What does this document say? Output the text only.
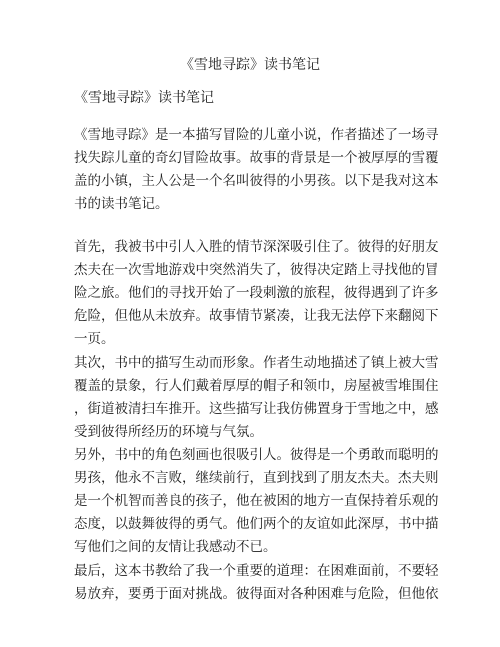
《雪地寻踪》读书笔记
《雪地寻踪》读书笔记

《雪地寻踪》是一本描写冒险的儿童小说，作者描述了一场寻
找失踪儿童的奇幻冒险故事。故事的背景是一个被厚厚的雪覆
盖的小镇，主人公是一个名叫彼得的小男孩。以下是我对这本
书的读书笔记。

首先，我被书中引人入胜的情节深深吸引住了。彼得的好朋友
杰夫在一次雪地游戏中突然消失了，彼得决定踏上寻找他的冒
险之旅。他们的寻找开始了一段刺激的旅程，彼得遇到了许多
危险，但他从未放弃。故事情节紧凑，让我无法停下来翻阅下
一页。

其次，书中的描写生动而形象。作者生动地描述了镇上被大雪
覆盖的景象，行人们戴着厚厚的帽子和领巾，房屋被雪堆围住
，街道被清扫车推开。这些描写让我仿佛置身于雪地之中，感
受到彼得所经历的环境与气氛。

另外，书中的角色刻画也很吸引人。彼得是一个勇敢而聪明的
男孩，他永不言败，继续前行，直到找到了朋友杰夫。杰夫则
是一个机智而善良的孩子，他在被困的地方一直保持着乐观的
态度，以鼓舞彼得的勇气。他们两个的友谊如此深厚，书中描
写他们之间的友情让我感动不已。

最后，这本书教给了我一个重要的道理：在困难面前，不要轻
易放弃，要勇于面对挑战。彼得面对各种困难与危险，但他依
